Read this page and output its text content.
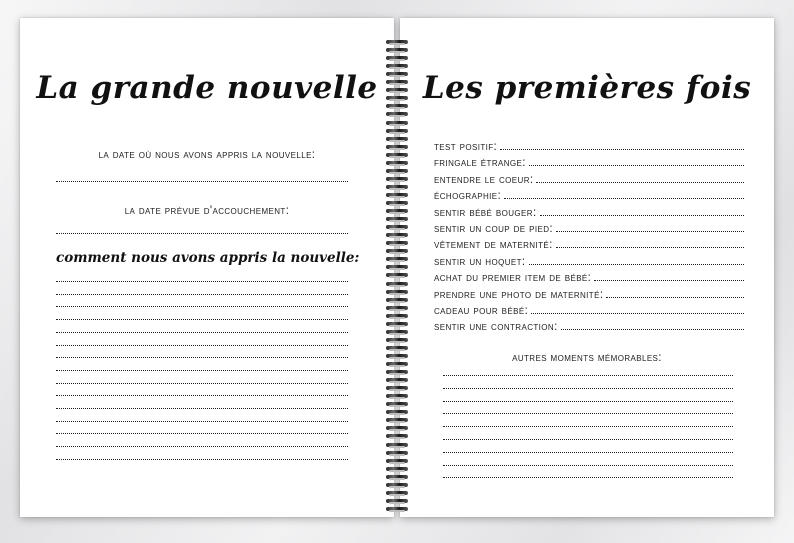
La grande nouvelle
la date où nous avons appris la nouvelle:
la date prévue d'accouchement:
comment nous avons appris la nouvelle:
Les premières fois
test positif:
fringale étrange:
entendre le coeur:
échographie:
sentir bébé bouger:
sentir un coup de pied:
vêtement de maternité:
sentir un hoquet:
achat du premier item de bébé:
prendre une photo de maternité:
cadeau pour bébé:
sentir une contraction:
autres moments mémorables:
